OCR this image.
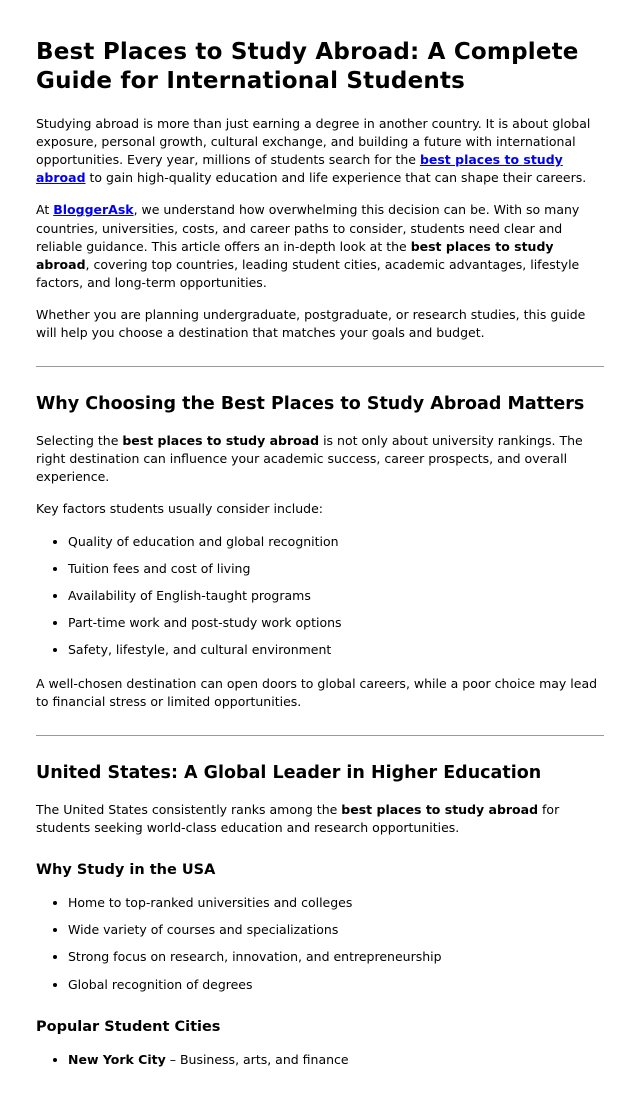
Best Places to Study Abroad: A Complete Guide for International Students

Studying abroad is more than just earning a degree in another country. It is about global exposure, personal growth, cultural exchange, and building a future with international opportunities. Every year, millions of students search for the best places to study abroad to gain high-quality education and life experience that can shape their careers.

At BloggerAsk, we understand how overwhelming this decision can be. With so many countries, universities, costs, and career paths to consider, students need clear and reliable guidance. This article offers an in-depth look at the best places to study abroad, covering top countries, leading student cities, academic advantages, lifestyle factors, and long-term opportunities.

Whether you are planning undergraduate, postgraduate, or research studies, this guide will help you choose a destination that matches your goals and budget.

Why Choosing the Best Places to Study Abroad Matters

Selecting the best places to study abroad is not only about university rankings. The right destination can influence your academic success, career prospects, and overall experience.

Key factors students usually consider include:

• Quality of education and global recognition
• Tuition fees and cost of living
• Availability of English-taught programs
• Part-time work and post-study work options
• Safety, lifestyle, and cultural environment

A well-chosen destination can open doors to global careers, while a poor choice may lead to financial stress or limited opportunities.

United States: A Global Leader in Higher Education

The United States consistently ranks among the best places to study abroad for students seeking world-class education and research opportunities.

Why Study in the USA
• Home to top-ranked universities and colleges
• Wide variety of courses and specializations
• Strong focus on research, innovation, and entrepreneurship
• Global recognition of degrees
Popular Student Cities
• New York City – Business, arts, and finance
